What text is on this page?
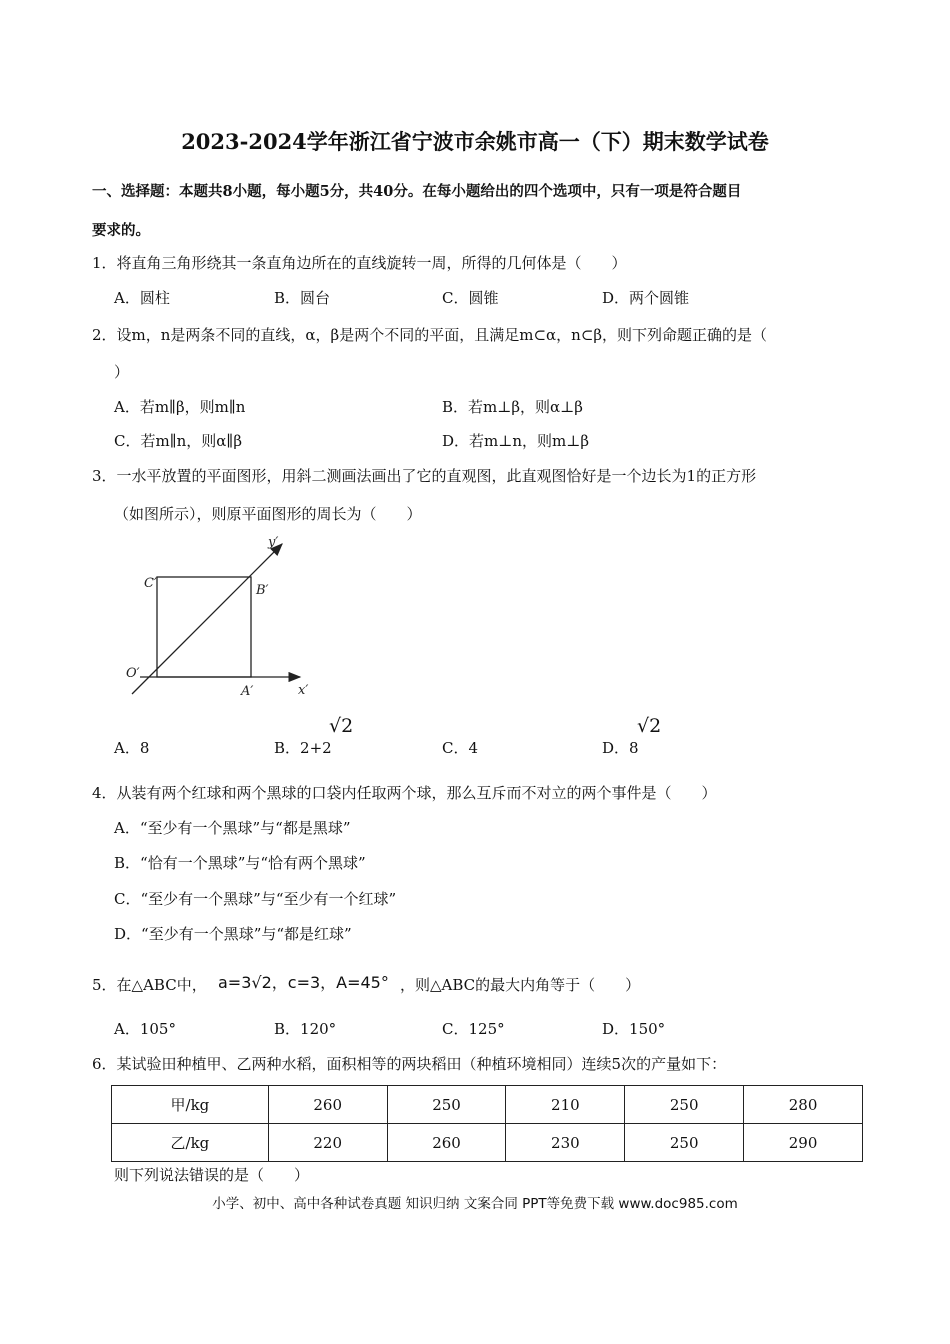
2023-2024学年浙江省宁波市余姚市高一（下）期末数学试卷
一、选择题：本题共8小题，每小题5分，共40分。在每小题给出的四个选项中，只有一项是符合题目
要求的。
1．将直角三角形绕其一条直角边所在的直线旋转一周，所得的几何体是（　　）
A．圆柱	B．圆台	C．圆锥	D．两个圆锥
2．设m，n是两条不同的直线，α，β是两个不同的平面，且满足m⊂α，n⊂β，则下列命题正确的是（
）
A．若m∥β，则m∥n	B．若m⊥β，则α⊥β
C．若m∥n，则α∥β	D．若m⊥n，则m⊥β
3．一水平放置的平面图形，用斜二测画法画出了它的直观图，此直观图恰好是一个边长为1的正方形
（如图所示），则原平面图形的周长为（　　）
y′
x′
O′
A′
B′
C′
A．8	B．2+2
√2
C．4	D．8
√2
4．从装有两个红球和两个黑球的口袋内任取两个球，那么互斥而不对立的两个事件是（　　）
A．“至少有一个黑球”与“都是黑球”
B．“恰有一个黑球”与“恰有两个黑球”
C．“至少有一个黑球”与“至少有一个红球”
D．“至少有一个黑球”与“都是红球”
5．在△ABC中， a=3√2，c=3，A=45° ，则△ABC的最大内角等于（　　）
A．105°	B．120°	C．125°	D．150°
6．某试验田种植甲、乙两种水稻，面积相等的两块稻田（种植环境相同）连续5次的产量如下：
甲/kg	260	250	210	250	280
乙/kg	220	260	230	250	290
则下列说法错误的是（　　）
小学、初中、高中各种试卷真题 知识归纳 文案合同 PPT等免费下载 www.doc985.com
